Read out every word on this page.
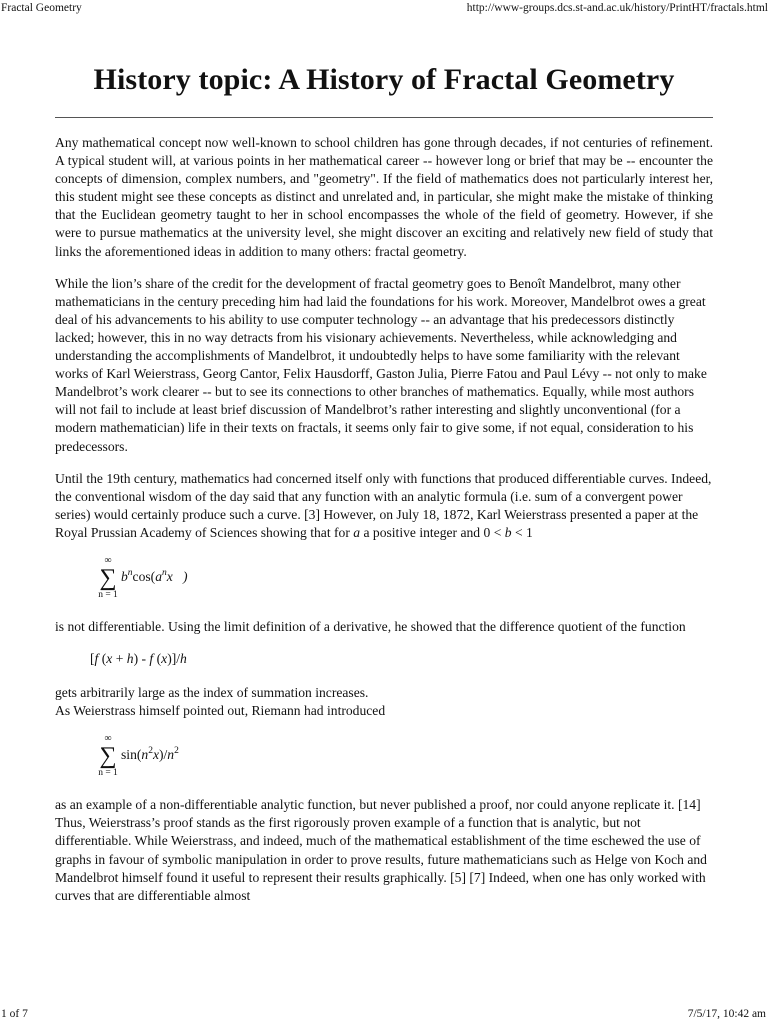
Fractal Geometry	http://www-groups.dcs.st-and.ac.uk/history/PrintHT/fractals.html
History topic: A History of Fractal Geometry

Any mathematical concept now well-known to school children has gone through decades, if not centuries of refinement. A typical student will, at various points in her mathematical career -- however long or brief that may be -- encounter the concepts of dimension, complex numbers, and "geometry". If the field of mathematics does not particularly interest her, this student might see these concepts as distinct and unrelated and, in particular, she might make the mistake of thinking that the Euclidean geometry taught to her in school encompasses the whole of the field of geometry. However, if she were to pursue mathematics at the university level, she might discover an exciting and relatively new field of study that links the aforementioned ideas in addition to many others: fractal geometry.

While the lion’s share of the credit for the development of fractal geometry goes to Benoît Mandelbrot, many other mathematicians in the century preceding him had laid the foundations for his work. Moreover, Mandelbrot owes a great deal of his advancements to his ability to use computer technology -- an advantage that his predecessors distinctly lacked; however, this in no way detracts from his visionary achievements. Nevertheless, while acknowledging and understanding the accomplishments of Mandelbrot, it undoubtedly helps to have some familiarity with the relevant works of Karl Weierstrass, Georg Cantor, Felix Hausdorff, Gaston Julia, Pierre Fatou and Paul Lévy -- not only to make Mandelbrot’s work clearer -- but to see its connections to other branches of mathematics. Equally, while most authors will not fail to include at least brief discussion of Mandelbrot’s rather interesting and slightly unconventional (for a modern mathematician) life in their texts on fractals, it seems only fair to give some, if not equal, consideration to his predecessors.

Until the 19th century, mathematics had concerned itself only with functions that produced differentiable curves. Indeed, the conventional wisdom of the day said that any function with an analytic formula (i.e. sum of a convergent power series) would certainly produce such a curve. [3] However, on July 18, 1872, Karl Weierstrass presented a paper at the Royal Prussian Academy of Sciences showing that for a a positive integer and 0 < b < 1

∞
∑
n = 1
$b^n\cos(a^nx$   )

is not differentiable. Using the limit definition of a derivative, he showed that the difference quotient of the function

[f (x + h) - f (x)]/h

gets arbitrarily large as the index of summation increases.

As Weierstrass himself pointed out, Riemann had introduced

∞
∑
n = 1
$\sin(n^2x)/n^2$

as an example of a non-differentiable analytic function, but never published a proof, nor could anyone replicate it. [14] Thus, Weierstrass’s proof stands as the first rigorously proven example of a function that is analytic, but not differentiable. While Weierstrass, and indeed, much of the mathematical establishment of the time eschewed the use of graphs in favour of symbolic manipulation in order to prove results, future mathematicians such as Helge von Koch and Mandelbrot himself found it useful to represent their results graphically. [5] [7] Indeed, when one has only worked with curves that are differentiable almost

1 of 7	7/5/17, 10:42 am
